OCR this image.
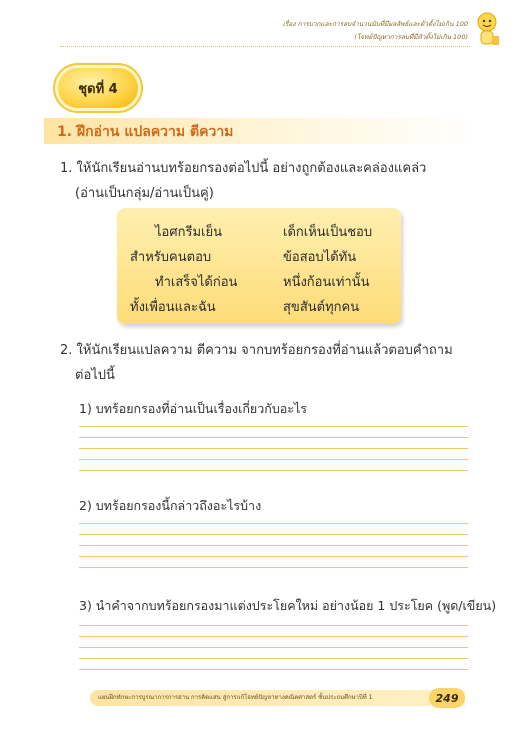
เรื่อง การบวกและการลบจำนวนนับที่มีผลลัพธ์และตัวตั้งไม่เกิน 100
(โจทย์ปัญหาการลบที่มีตัวตั้งไม่เกิน 100)
ชุดที่ 4
1. ฝึกอ่าน แปลความ ตีความ
1. ให้นักเรียนอ่านบทร้อยกรองต่อไปนี้ อย่างถูกต้องและคล่องแคล่ว
(อ่านเป็นกลุ่ม/อ่านเป็นคู่)
ไอศกรีมเย็น	เด็กเห็นเป็นชอบ
สำหรับคนตอบ	ข้อสอบได้ทัน
ทำเสร็จได้ก่อน	หนึ่งก้อนเท่านั้น
ทั้งเพื่อนและฉัน	สุขสันต์ทุกคน
2. ให้นักเรียนแปลความ ตีความ จากบทร้อยกรองที่อ่านแล้วตอบคำถาม
ต่อไปนี้
1) บทร้อยกรองที่อ่านเป็นเรื่องเกี่ยวกับอะไร
2) บทร้อยกรองนี้กล่าวถึงอะไรบ้าง
3) นำคำจากบทร้อยกรองมาแต่งประโยคใหม่ อย่างน้อย 1 ประโยค (พูด/เขียน)
แผนฝึกทักษะการบูรณาการการอ่าน การคิดแสน สู่การแก้โจทย์ปัญหาทางคณิตศาสตร์ ชั้นประถมศึกษาปีที่ 1	249
